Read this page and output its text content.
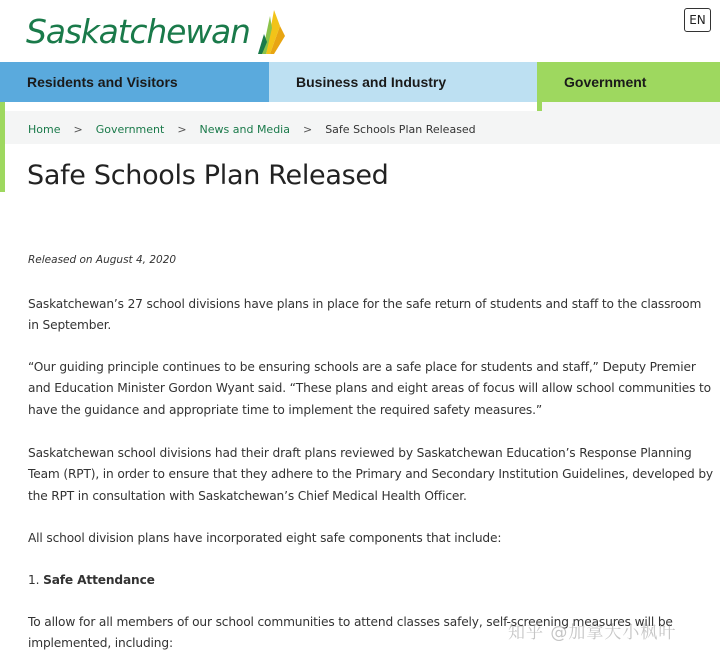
Saskatchewan	EN
Residents and Visitors	Business and Industry	Government
Home > Government > News and Media > Safe Schools Plan Released
Safe Schools Plan Released
Released on August 4, 2020

Saskatchewan’s 27 school divisions have plans in place for the safe return of students and staff to the classroom in September.

“Our guiding principle continues to be ensuring schools are a safe place for students and staff,” Deputy Premier and Education Minister Gordon Wyant said. “These plans and eight areas of focus will allow school communities to have the guidance and appropriate time to implement the required safety measures.”

Saskatchewan school divisions had their draft plans reviewed by Saskatchewan Education’s Response Planning Team (RPT), in order to ensure that they adhere to the Primary and Secondary Institution Guidelines, developed by the RPT in consultation with Saskatchewan’s Chief Medical Health Officer.

All school division plans have incorporated eight safe components that include:

1. Safe Attendance

To allow for all members of our school communities to attend classes safely, self-screening measures will be implemented, including:

知乎 @加拿大小枫叶
